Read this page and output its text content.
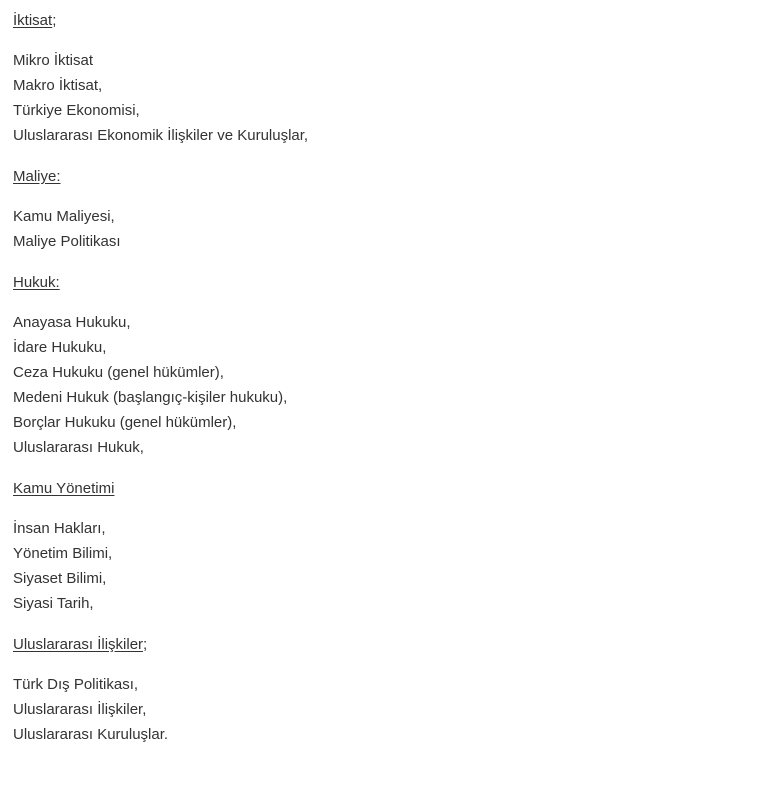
İktisat;
Mikro İktisat
Makro İktisat,
Türkiye Ekonomisi,
Uluslararası Ekonomik İlişkiler ve Kuruluşlar,
Maliye:
Kamu Maliyesi,
Maliye Politikası
Hukuk:
Anayasa Hukuku,
İdare Hukuku,
Ceza Hukuku (genel hükümler),
Medeni Hukuk (başlangıç-kişiler hukuku),
Borçlar Hukuku (genel hükümler),
Uluslararası Hukuk,
Kamu Yönetimi
İnsan Hakları,
Yönetim Bilimi,
Siyaset Bilimi,
Siyasi Tarih,
Uluslararası İlişkiler;
Türk Dış Politikası,
Uluslararası İlişkiler,
Uluslararası Kuruluşlar.
